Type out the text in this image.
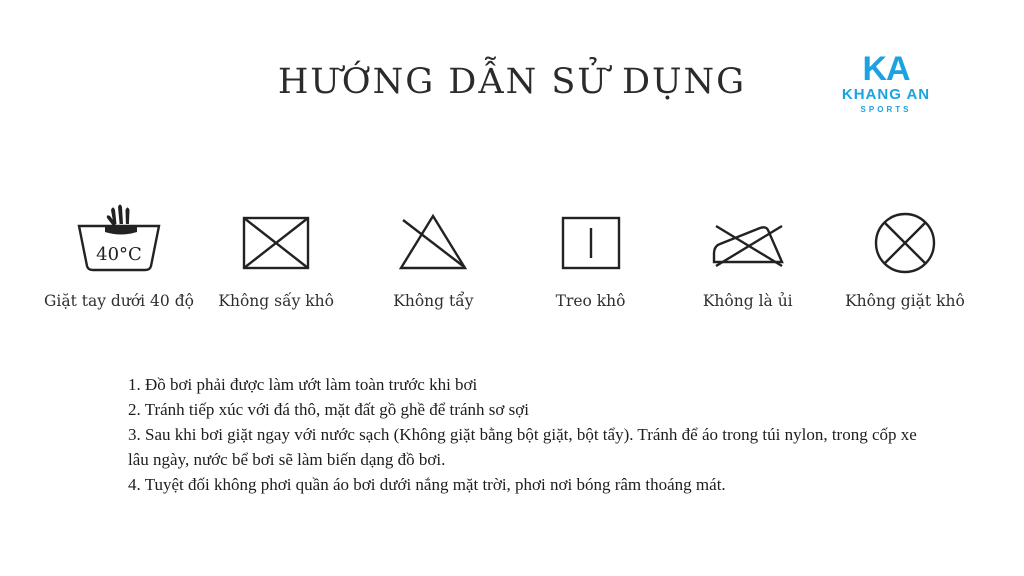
HƯỚNG DẪN SỬ DỤNG	KA
KHANG AN
SPORTS
40°C
Giặt tay dưới 40 độ Không sấy khô	Không tẩy	Treo khô	Không là ủi	Không giặt khô

1. Đồ bơi phải được làm ướt làm toàn trước khi bơi

2. Tránh tiếp xúc với đá thô, mặt đất gồ ghề để tránh sơ sợi

3. Sau khi bơi giặt ngay với nước sạch (Không giặt bằng bột giặt, bột tẩy). Tránh để áo trong túi nylon, trong cốp xe lâu ngày, nước bể bơi sẽ làm biến dạng đồ bơi.

4. Tuyệt đối không phơi quần áo bơi dưới nắng mặt trời, phơi nơi bóng râm thoáng mát.
